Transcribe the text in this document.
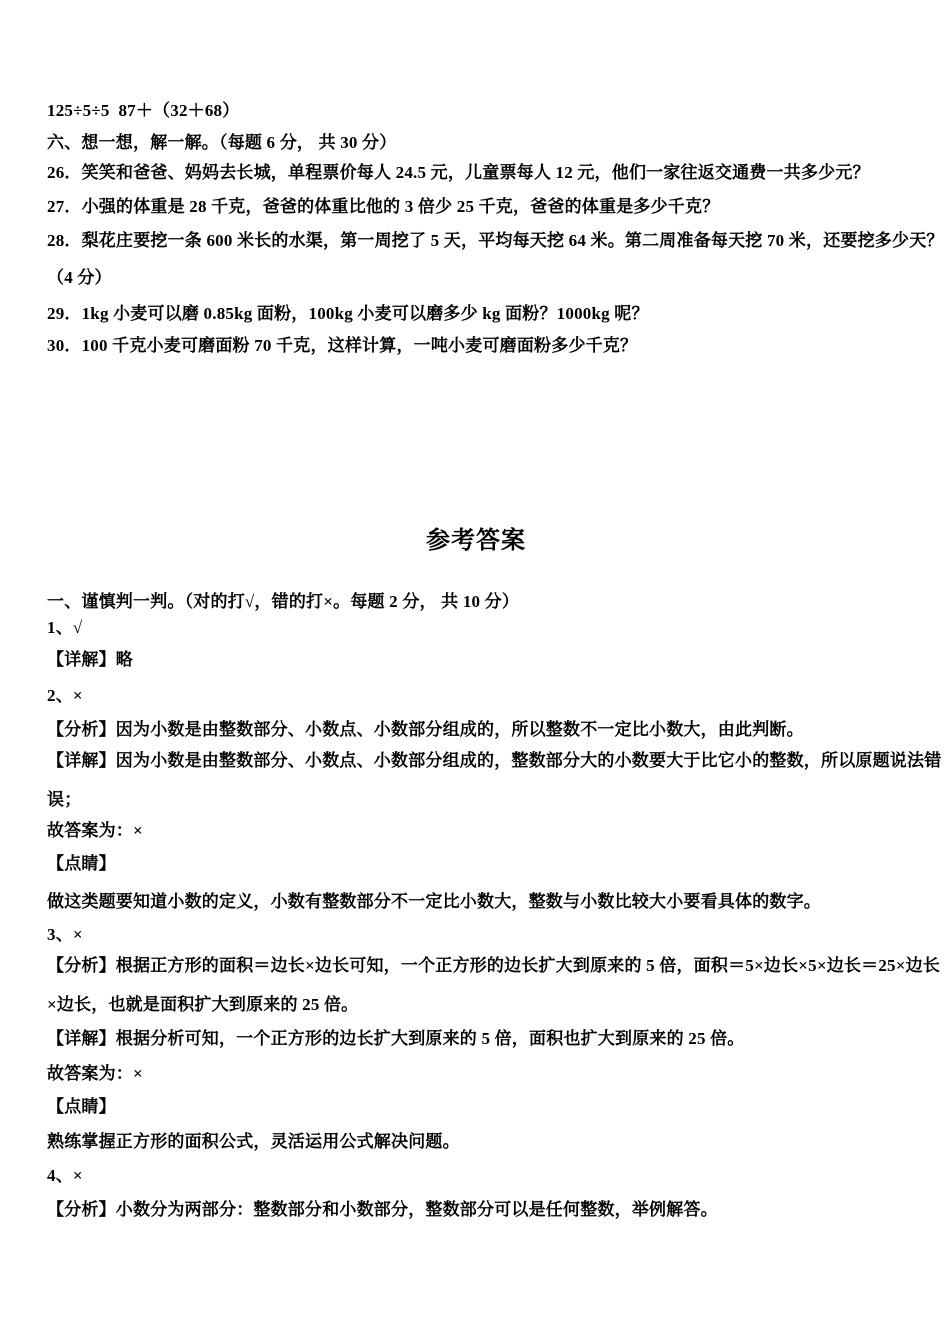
125÷5÷5  87＋（32＋68）

六、想一想，解一解。（每题 6 分， 共 30 分）

26．笑笑和爸爸、妈妈去长城，单程票价每人 24.5 元，儿童票每人 12 元，他们一家往返交通费一共多少元？

27．小强的体重是 28 千克，爸爸的体重比他的 3 倍少 25 千克，爸爸的体重是多少千克？

28．梨花庄要挖一条 600 米长的水渠，第一周挖了 5 天，平均每天挖 64 米。第二周准备每天挖 70 米，还要挖多少天？

（4 分）

29．1kg 小麦可以磨 0.85kg 面粉，100kg 小麦可以磨多少 kg 面粉？1000kg 呢？

30．100 千克小麦可磨面粉 70 千克，这样计算，一吨小麦可磨面粉多少千克？

参考答案

一、谨慎判一判。（对的打√，错的打×。每题 2 分， 共 10 分）

1、√

【详解】略

2、×

【分析】因为小数是由整数部分、小数点、小数部分组成的，所以整数不一定比小数大，由此判断。

【详解】因为小数是由整数部分、小数点、小数部分组成的，整数部分大的小数要大于比它小的整数，所以原题说法错

误；

故答案为：×

【点睛】

做这类题要知道小数的定义，小数有整数部分不一定比小数大，整数与小数比较大小要看具体的数字。

3、×

【分析】根据正方形的面积＝边长×边长可知，一个正方形的边长扩大到原来的 5 倍，面积＝5×边长×5×边长＝25×边长

×边长，也就是面积扩大到原来的 25 倍。

【详解】根据分析可知，一个正方形的边长扩大到原来的 5 倍，面积也扩大到原来的 25 倍。

故答案为：×

【点睛】

熟练掌握正方形的面积公式，灵活运用公式解决问题。

4、×

【分析】小数分为两部分：整数部分和小数部分，整数部分可以是任何整数，举例解答。
